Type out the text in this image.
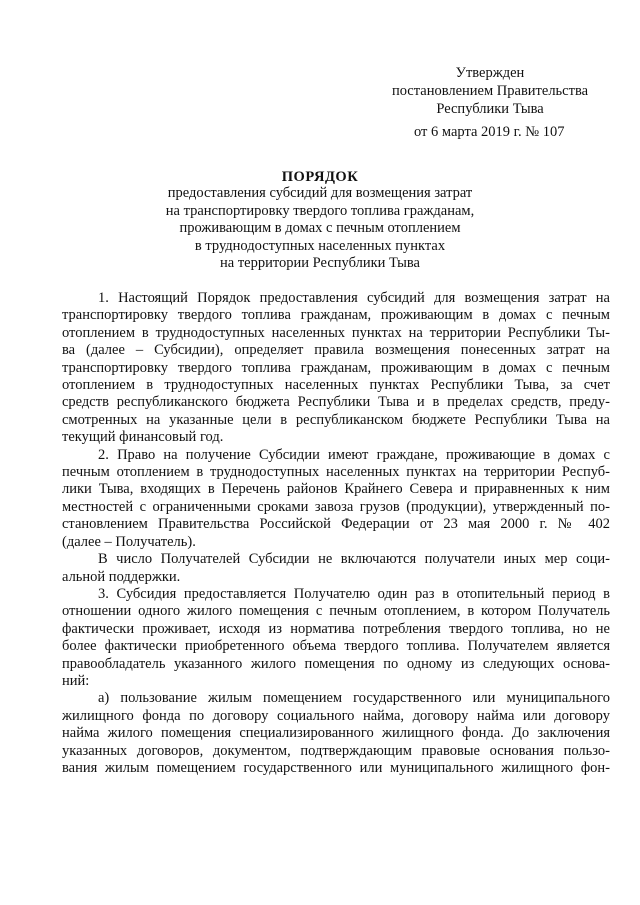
Утвержден
постановлением Правительства
Республики Тыва
от 6 марта 2019 г. № 107
ПОРЯДОК
предоставления субсидий для возмещения затрат
на транспортировку твердого топлива гражданам,
проживающим в домах с печным отоплением
в труднодоступных населенных пунктах
на территории Республики Тыва
1. Настоящий Порядок предоставления субсидий для возмещения затрат на
транспортировку твердого топлива гражданам, проживающим в домах с печным
отоплением в труднодоступных населенных пунктах на территории Республики Ты-
ва (далее – Субсидии), определяет правила возмещения понесенных затрат на
транспортировку твердого топлива гражданам, проживающим в домах с печным
отоплением в труднодоступных населенных пунктах Республики Тыва, за счет
средств республиканского бюджета Республики Тыва и в пределах средств, преду-
смотренных на указанные цели в республиканском бюджете Республики Тыва на
текущий финансовый год.
2. Право на получение Субсидии имеют граждане, проживающие в домах с
печным отоплением в труднодоступных населенных пунктах на территории Респуб-
лики Тыва, входящих в Перечень районов Крайнего Севера и приравненных к ним
местностей с ограниченными сроками завоза грузов (продукции), утвержденный по-
становлением Правительства Российской Федерации от 23 мая 2000 г. № 402
(далее – Получатель).
В число Получателей Субсидии не включаются получатели иных мер соци-
альной поддержки.
3. Субсидия предоставляется Получателю один раз в отопительный период в
отношении одного жилого помещения с печным отоплением, в котором Получатель
фактически проживает, исходя из норматива потребления твердого топлива, но не
более фактически приобретенного объема твердого топлива. Получателем является
правообладатель указанного жилого помещения по одному из следующих основа-
ний:
а) пользование жилым помещением государственного или муниципального
жилищного фонда по договору социального найма, договору найма или договору
найма жилого помещения специализированного жилищного фонда. До заключения
указанных договоров, документом, подтверждающим правовые основания пользо-
вания жилым помещением государственного или муниципального жилищного фон-
